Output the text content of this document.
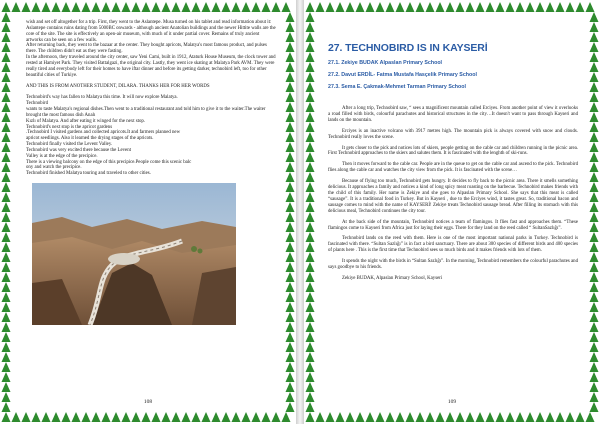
wish and set off altogether for a trip. First, they went to the Aslantepe. Musa turned on his tablet and read information about it: Aslantepe contains ruins dating from 5000BC onwards - although ancient Anatolian buildings and the newer Hittite walls are the core of the site. The site is effectively an open-air museum, with much of it under partial cover. Remains of truly ancient artworks can be seen on a few walls.

After returning back, they went to the bazaar at the center. They bought apricots, Malatya's most famous product, and pulses there. The children didn't eat as they were fasting.

In the afternoon, they traveled around the city center, saw Yeni Cami, built in 1912, Ataturk House Museum, the clock tower and rested at Hamiyet Park. They visited Battalgazi, the original city. Lastly, they went ice skating at Malatya Park AVM. They were really tired and everybody left for their homes to have iftar dinner and before its getting darker, technobird left, too for other beautiful cities of Turkiye.

AND THIS IS FROM ANOTHER STUDENT, DILARA. THANKS HER FOR HER WORDS

Technobird's way has fallen to Malatya this time. It will now explore Malatya.

Technobird

wants to taste Malatya's regional dishes.Then went to a traditional restaurant and told him to give it to the waiter.The waiter brought the most famous dish Analı

Kızlı of Malatya. And after eating it winged for the next stop.

Technobird's next stop is the apricot gardens

.Technobird I visited gardens and collected apricots.It and farmers planned new

apricot seedlings. Also it learned the drying stages of the apricots.

Technobird finally visited the Levent Valley.

Technobird was very excited there because the Levent

Valley is at the edge of the precipice.

There is a viewing balcony on the edge of this precipice.People come this scenic balc

ony and watch the precipice.

Technobird finished Malatya touring and traveled to other cities.

108
27. TECHNOBIRD IS IN KAYSERİ

27.1. Zekiye BUDAK Alpaslan Primary School

27.2. Davut ERDİL- Fatma Mustafa Hasçelik Primary School

27.3. Sema E. Çakmak-Mehmet Tarman Primary School

After a long trip, Technobird saw, “ sees a magnificent mountain called Erciyes. From another point of view it overlooks a road filled with birds, colourful parachutes and historical structures in the city…It doesn't want to pass through Kayseri and lands on the mountain.

Erciyes is an inactive volcano with 3917 metres high. The mountain pick is always covered with snow and clouds. Technobird really loves the scene.

It gets closer to the pick and notices lots of skiers, people getting on the cable car and children running in the picnic area. First Technobird approaches to the skiers and salutes them. It is fascinated with the lenghth of ski-runs.

Then it moves forward to the cable car. People are in the queue to get on the cable car and ascend to the pick. Technobird flies along the cable car and watches the city view from the pick. It is fascinated with the scene…

Because of flying too much, Technobird gets hungry. It decides to fly back to the picnic area. There it smells something delicious. It approaches a family and notices a kind of long spicy meat roasting on the barbecue. Technobird makes friends with the child of this family. Her name is Zekiye and she goes to Alpaslan Primary School. She says that this meat is called “sausage”. It is a traditional food in Turkey. But in Kayseri , due to the Erciyes wind, it tastes great. So, traditional bacon and sausage comes to mind with the name of KAYSERİ! Zekiye treats Technobird sausage bread. After filling its stomach with this delicious meal, Technobird continues the city tour.

At the back side of the mountain, Technobird notices a team of flamingos. It flies fast and approaches them. “These flamingos come to Kayseri from Africa just for laying their eggs. There for they land on the reed called “ SultanSazlığı”.

Technobird lands on the reed with them. Here is one of the most important national parks in Turkey. Technobird is fascinated with there. “Sultan Sazlığı” is in fact a bird sanctuary. There are about 300 species of different birds and 400 species of plants here . This is the first time that Technobird sees so much birds and it makes friends with lots of them.

It spends the night with the birds in “Sultan Sazlığı”. In the morning, Technobird remembers the colourful parachutes and says goodbye to his friends.

Zekiye BUDAK, Alpaslan Primary School, Kayseri

109
